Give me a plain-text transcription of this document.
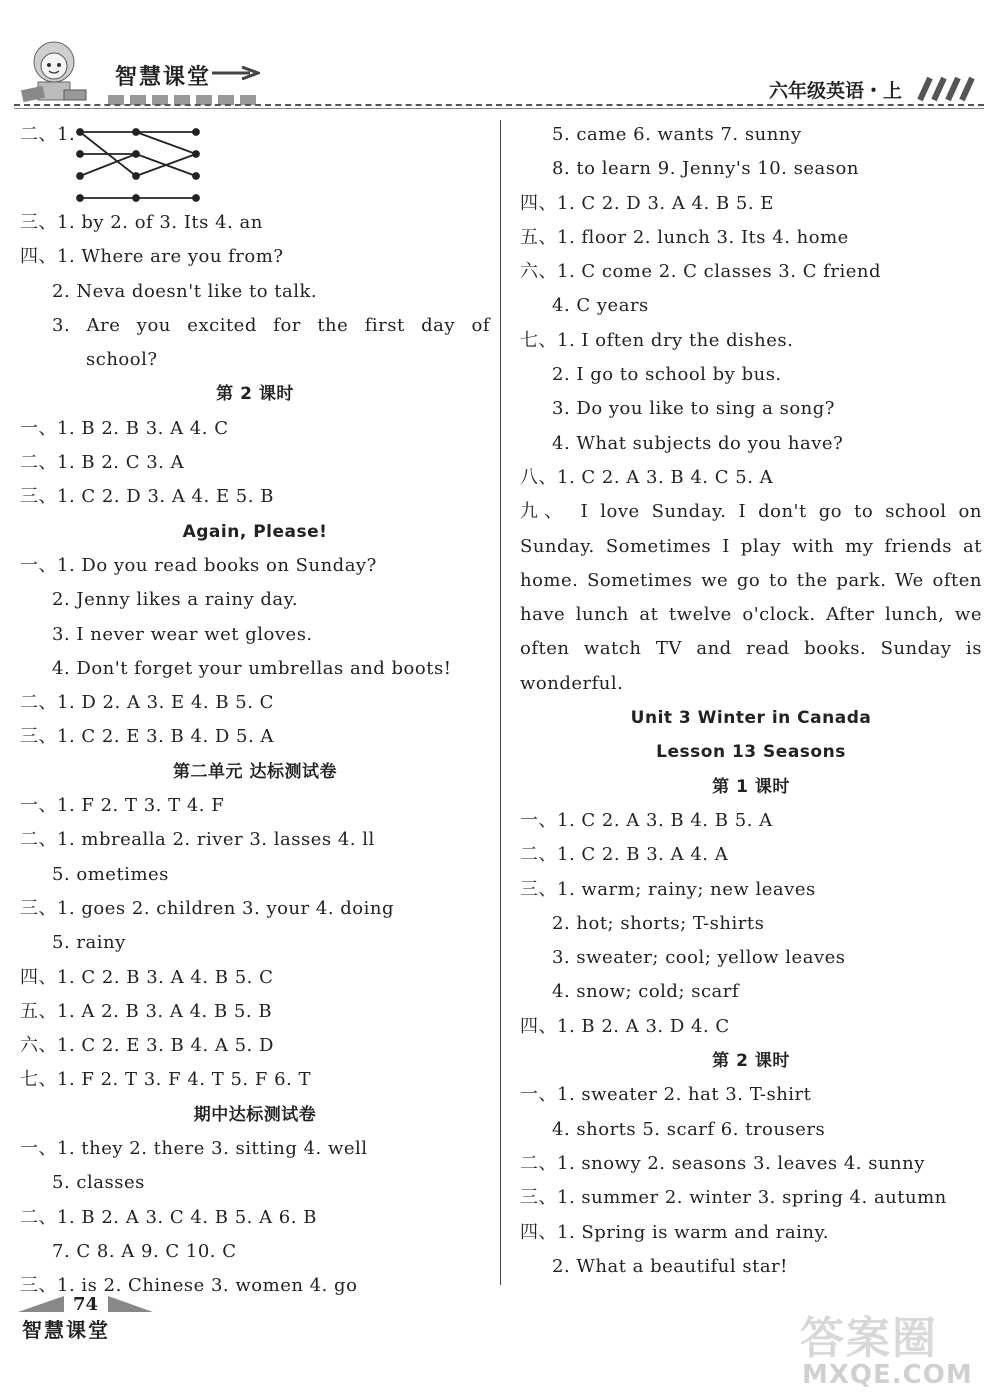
智慧课堂
六年级英语・上
二、1.
三、1. by 2. of 3. Its 4. an
四、1. Where are you from?
2. Neva doesn't like to talk.
3. Are you excited for the first day of
school?
第 2 课时
一、1. B 2. B 3. A 4. C
二、1. B 2. C 3. A
三、1. C 2. D 3. A 4. E 5. B
Again, Please!
一、1. Do you read books on Sunday?
2. Jenny likes a rainy day.
3. I never wear wet gloves.
4. Don't forget your umbrellas and boots!
二、1. D 2. A 3. E 4. B 5. C
三、1. C 2. E 3. B 4. D 5. A
第二单元 达标测试卷
一、1. F 2. T 3. T 4. F
二、1. mbrealla 2. river 3. lasses 4. ll
5. ometimes
三、1. goes 2. children 3. your 4. doing
5. rainy
四、1. C 2. B 3. A 4. B 5. C
五、1. A 2. B 3. A 4. B 5. B
六、1. C 2. E 3. B 4. A 5. D
七、1. F 2. T 3. F 4. T 5. F 6. T
期中达标测试卷
一、1. they 2. there 3. sitting 4. well
5. classes
二、1. B 2. A 3. C 4. B 5. A 6. B
7. C 8. A 9. C 10. C
三、1. is 2. Chinese 3. women 4. go
5. came 6. wants 7. sunny
8. to learn 9. Jenny's 10. season
四、1. C 2. D 3. A 4. B 5. E
五、1. floor 2. lunch 3. Its 4. home
六、1. C come 2. C classes 3. C friend
4. C years
七、1. I often dry the dishes.
2. I go to school by bus.
3. Do you like to sing a song?
4. What subjects do you have?
八、1. C 2. A 3. B 4. C 5. A
九、 I love Sunday. I don't go to school on
Sunday. Sometimes I play with my friends at
home. Sometimes we go to the park. We often
have lunch at twelve o'clock. After lunch, we
often watch TV and read books. Sunday is
wonderful.
Unit 3 Winter in Canada
Lesson 13 Seasons
第 1 课时
一、1. C 2. A 3. B 4. B 5. A
二、1. C 2. B 3. A 4. A
三、1. warm; rainy; new leaves
2. hot; shorts; T-shirts
3. sweater; cool; yellow leaves
4. snow; cold; scarf
四、1. B 2. A 3. D 4. C
第 2 课时
一、1. sweater 2. hat 3. T-shirt
4. shorts 5. scarf 6. trousers
二、1. snowy 2. seasons 3. leaves 4. sunny
三、1. summer 2. winter 3. spring 4. autumn
四、1. Spring is warm and rainy.
2. What a beautiful star!
74
智慧课堂	答案圈
MXQE.COM
